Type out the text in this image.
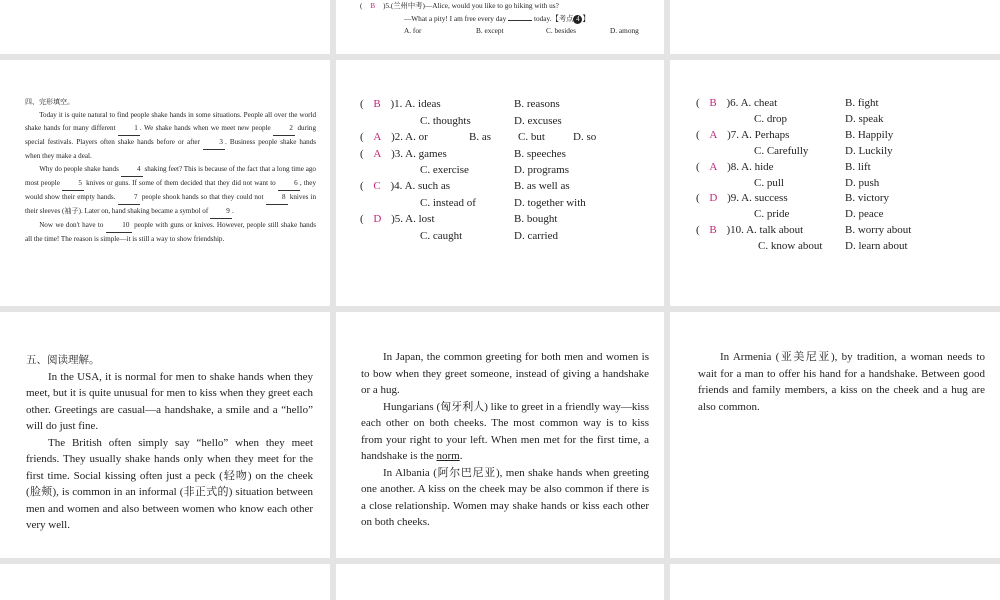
( B )5.(兰州中考)—Alice, would you like to go hiking with us?
—What a pity! I am free every day	today.【考点 4 】
A. for	B. except	C. besides	D. among
四、完形填空。

Today it is quite natural to find people shake hands in some situations. People all over the world shake hands for many different	1 . We shake hands when we meet new people	2 during special festivals. Players often shake hands before or after	3 . Business people shake hands when they make a deal.

Why do people shake hands	4 shaking feet? This is because of the fact that a long time ago most people	5 knives or guns. If some of them decided that they did not want to	6 , they would show their empty hands.	7 people shook hands so that they could not	8 knives in their sleeves (袖子). Later on, hand shaking became a symbol of	9 .

Now we don't have to	10 people with guns or knives. However, people still shake hands all the time! The reason is simple—it is still a way to show friendship.

( B )1. A. ideas	B. reasons
C. thoughts	D. excuses
( A )2. A. or	B. as C. but	D. so
( A )3. A. games	B. speeches
C. exercise	D. programs
( C )4. A. such as	B. as well as
C. instead of	D. together with
( D )5. A. lost	B. bought
C. caught	D. carried
( B )6. A. cheat	B. fight
C. drop	D. speak
( A )7. A. Perhaps	B. Happily
C. Carefully	D. Luckily
( A )8. A. hide	B. lift
C. pull	D. push
( D )9. A. success	B. victory
C. pride	D. peace
( B )10. A. talk about	B. worry about
C. know about D. learn about
五、阅读理解。

In the USA, it is normal for men to shake hands when they meet, but it is quite unusual for men to kiss when they greet each other. Greetings are casual—a handshake, a smile and a “hello” will do just fine.

The British often simply say “hello” when they meet friends. They usually shake hands only when they meet for the first time. Social kissing often just a peck (轻吻) on the cheek (脸颊), is common in an informal (非正式的) situation between men and women and also between women who know each other very well.

In Japan, the common greeting for both men and women is to bow when they greet someone, instead of giving a handshake or a hug.

Hungarians (匈牙利人) like to greet in a friendly way—kiss each other on both cheeks. The most common way is to kiss from your right to your left. When men met for the first time, a handshake is the norm.

In Albania (阿尔巴尼亚), men shake hands when greeting one another. A kiss on the cheek may be also common if there is a close relationship. Women may shake hands or kiss each other on both cheeks.

In Armenia (亚美尼亚), by tradition, a woman needs to wait for a man to offer his hand for a handshake. Between good friends and family members, a kiss on the cheek and a hug are also common.
